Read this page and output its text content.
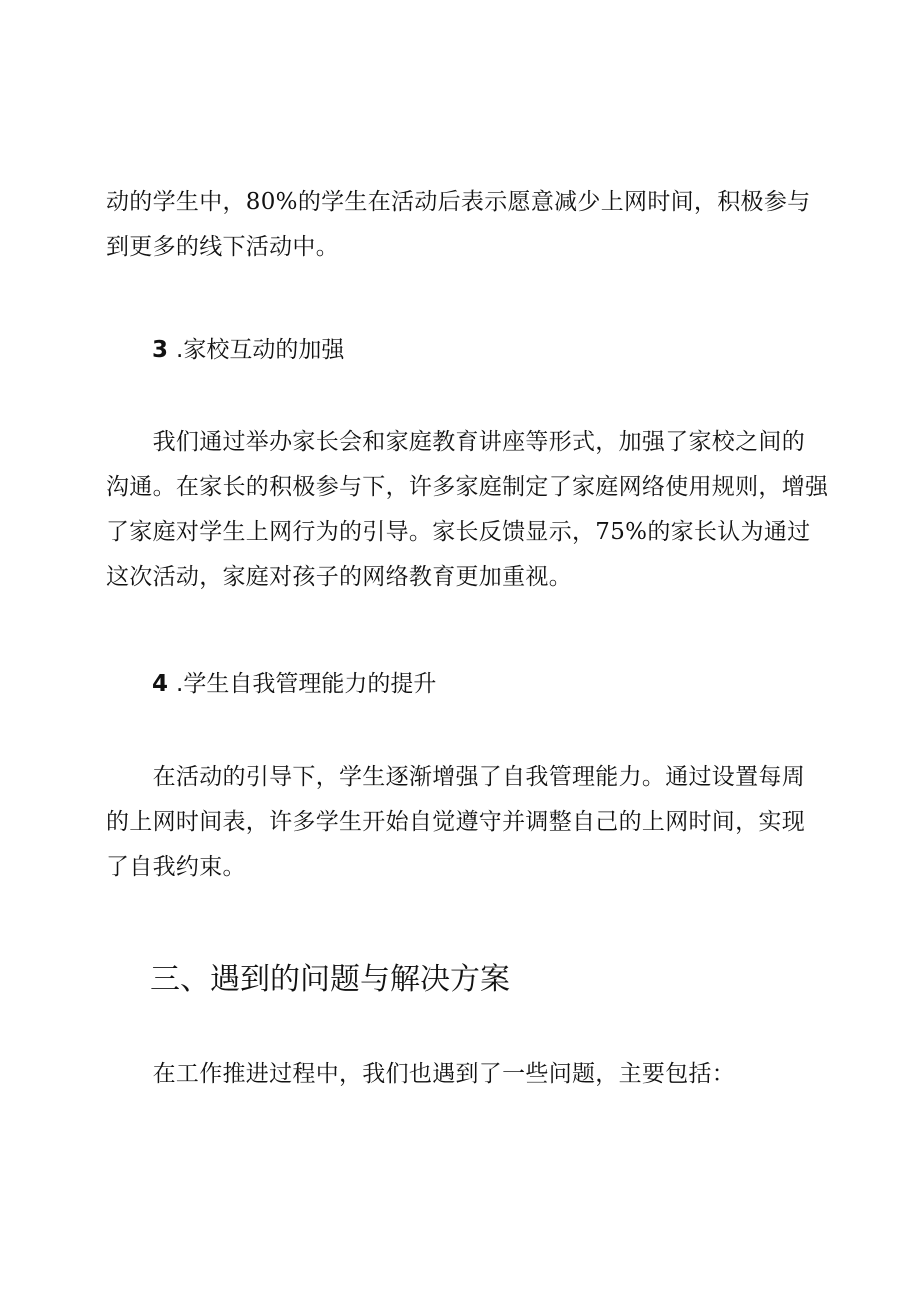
动的学生中，80%的学生在活动后表示愿意减少上网时间，积极参与
到更多的线下活动中。

3 .家校互动的加强

　　我们通过举办家长会和家庭教育讲座等形式，加强了家校之间的
沟通。在家长的积极参与下，许多家庭制定了家庭网络使用规则，增强
了家庭对学生上网行为的引导。家长反馈显示，75%的家长认为通过
这次活动，家庭对孩子的网络教育更加重视。

4 .学生自我管理能力的提升

　　在活动的引导下，学生逐渐增强了自我管理能力。通过设置每周
的上网时间表，许多学生开始自觉遵守并调整自己的上网时间，实现
了自我约束。

三、遇到的问题与解决方案

　　在工作推进过程中，我们也遇到了一些问题，主要包括：
